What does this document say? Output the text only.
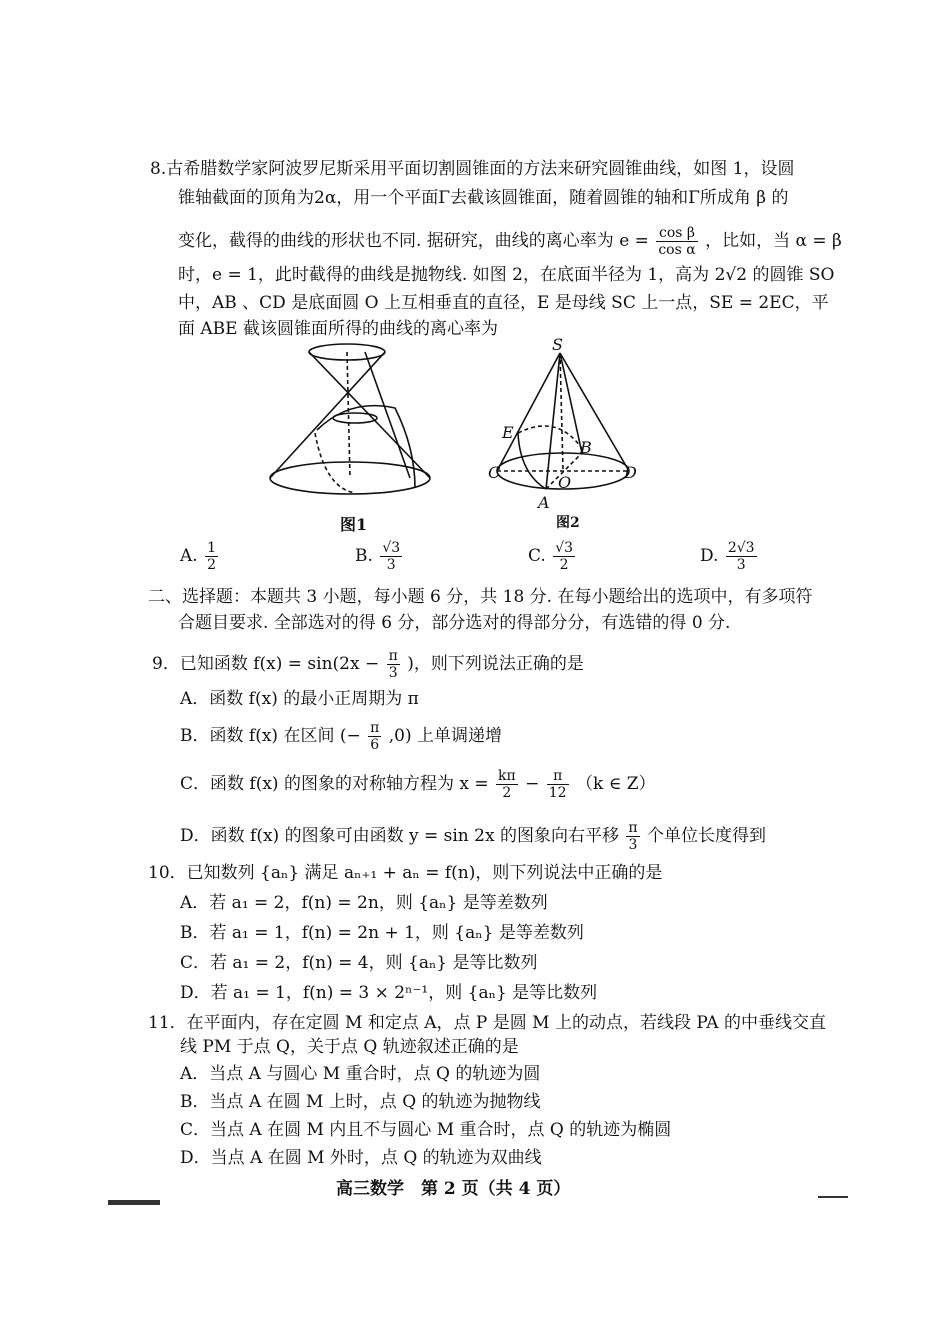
8.古希腊数学家阿波罗尼斯采用平面切割圆锥面的方法来研究圆锥曲线，如图 1，设圆
锥轴截面的顶角为2α，用一个平面Γ去截该圆锥面，随着圆锥的轴和Γ所成角 β 的
变化，截得的曲线的形状也不同. 据研究，曲线的离心率为 $e = \frac{\text{cos β}}{\text{cos α}}$ ，比如，当 α = β
时，e = 1，此时截得的曲线是抛物线. 如图 2，在底面半径为 1，高为 2√2 的圆锥 SO
中，AB 、CD 是底面圆 O 上互相垂直的直径，E 是母线 SC 上一点，SE = 2EC，平
面 ABE 截该圆锥面所得的曲线的离心率为
图1
S
E
B
C
O
D
A
图2
A. $\frac{1}{2}$	B. $\frac{√3}{3}$	C. $\frac{√3}{2}$	D. $\frac{2√3}{3}$
二、选择题：本题共 3 小题，每小题 6 分，共 18 分. 在每小题给出的选项中，有多项符
合题目要求. 全部选对的得 6 分，部分选对的得部分分，有选错的得 0 分.
9．已知函数 $f(x) = \sin(2x - \frac{\pi}{3}$ )，则下列说法正确的是
A．函数 f(x) 的最小正周期为 π
B．函数 f(x) 在区间 (− $\frac{\pi}{6} ,0$) 上单调递增
C．函数 f(x) 的图象的对称轴方程为 $x = \frac{k\pi}{2} - \frac{\pi}{12} (k$ ∈ Z）
D．函数 f(x) 的图象可由函数 y = sin 2x 的图象向右平移 $\frac{\pi}{3}$ 个单位长度得到
10．已知数列 {aₙ} 满足 aₙ₊₁ + aₙ = f(n)，则下列说法中正确的是
A．若 a₁ = 2，f(n) = 2n，则 {aₙ} 是等差数列
B．若 a₁ = 1，f(n) = 2n + 1，则 {aₙ} 是等差数列
C．若 a₁ = 2，f(n) = 4，则 {aₙ} 是等比数列
D．若 a₁ = 1，f(n) = 3 × 2ⁿ⁻¹，则 {aₙ} 是等比数列
11．在平面内，存在定圆 M 和定点 A，点 P 是圆 M 上的动点，若线段 PA 的中垂线交直
线 PM 于点 Q，关于点 Q 轨迹叙述正确的是
A．当点 A 与圆心 M 重合时，点 Q 的轨迹为圆
B．当点 A 在圆 M 上时，点 Q 的轨迹为抛物线
C．当点 A 在圆 M 内且不与圆心 M 重合时，点 Q 的轨迹为椭圆
D．当点 A 在圆 M 外时，点 Q 的轨迹为双曲线
高三数学　第 2 页（共 4 页）
